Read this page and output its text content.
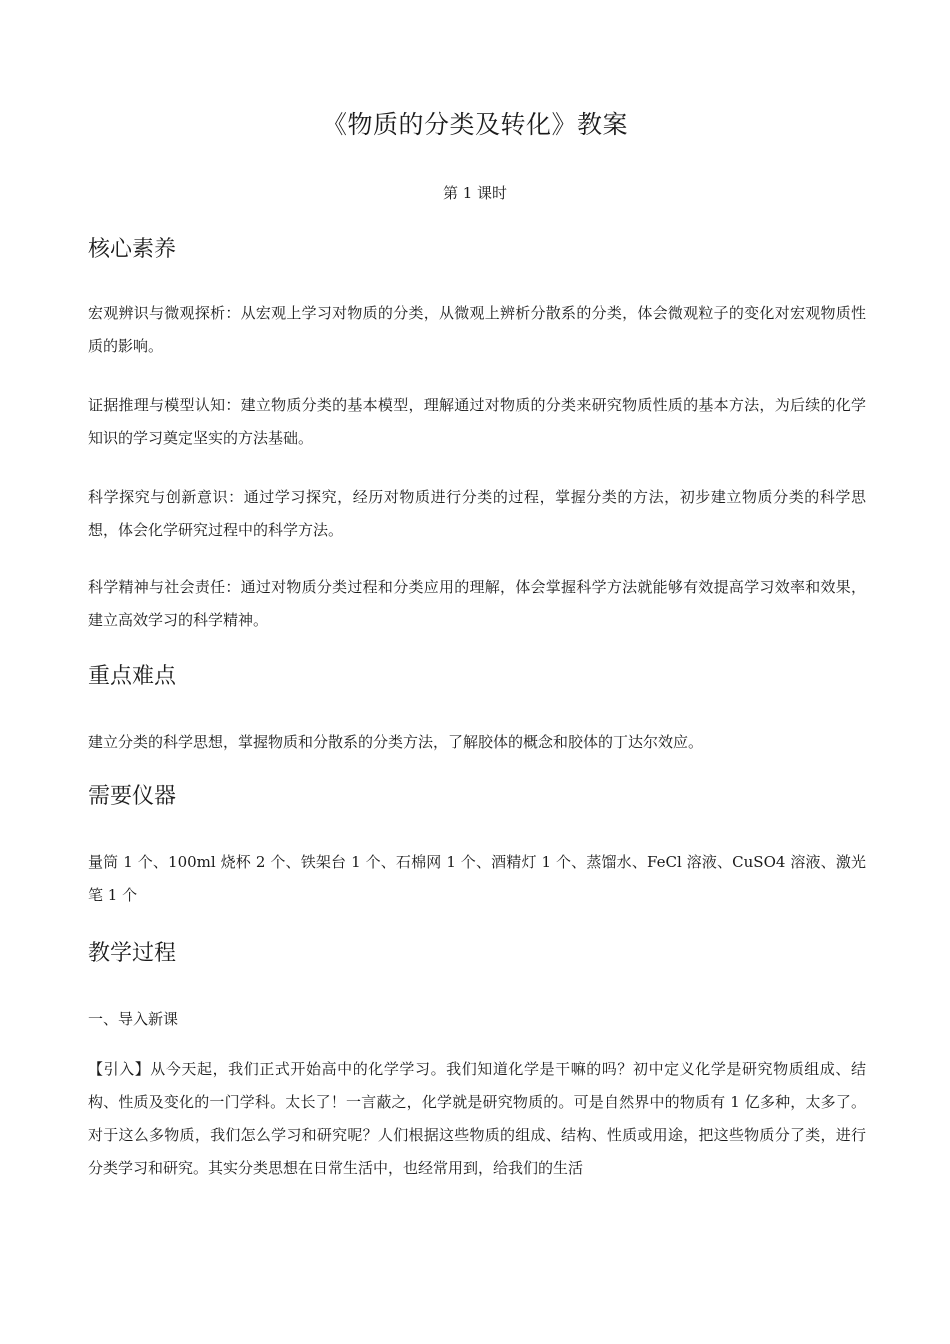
《物质的分类及转化》教案
第 1 课时
核心素养

宏观辨识与微观探析：从宏观上学习对物质的分类，从微观上辨析分散系的分类，体会微观粒子的变化对宏观物质性质的影响。

证据推理与模型认知：建立物质分类的基本模型，理解通过对物质的分类来研究物质性质的基本方法，为后续的化学知识的学习奠定坚实的方法基础。

科学探究与创新意识：通过学习探究，经历对物质进行分类的过程，掌握分类的方法，初步建立物质分类的科学思想，体会化学研究过程中的科学方法。

科学精神与社会责任：通过对物质分类过程和分类应用的理解，体会掌握科学方法就能够有效提高学习效率和效果，建立高效学习的科学精神。

重点难点

建立分类的科学思想，掌握物质和分散系的分类方法，了解胶体的概念和胶体的丁达尔效应。

需要仪器

量筒 1 个、100ml 烧杯 2 个、铁架台 1 个、石棉网 1 个、酒精灯 1 个、蒸馏水、FeCl 溶液、CuSO4 溶液、激光笔 1 个

教学过程
一、导入新课

【引入】从今天起，我们正式开始高中的化学学习。我们知道化学是干嘛的吗？初中定义化学是研究物质组成、结构、性质及变化的一门学科。太长了！一言蔽之，化学就是研究物质的。可是自然界中的物质有 1 亿多种，太多了。对于这么多物质，我们怎么学习和研究呢？人们根据这些物质的组成、结构、性质或用途，把这些物质分了类，进行分类学习和研究。其实分类思想在日常生活中，也经常用到，给我们的生活
